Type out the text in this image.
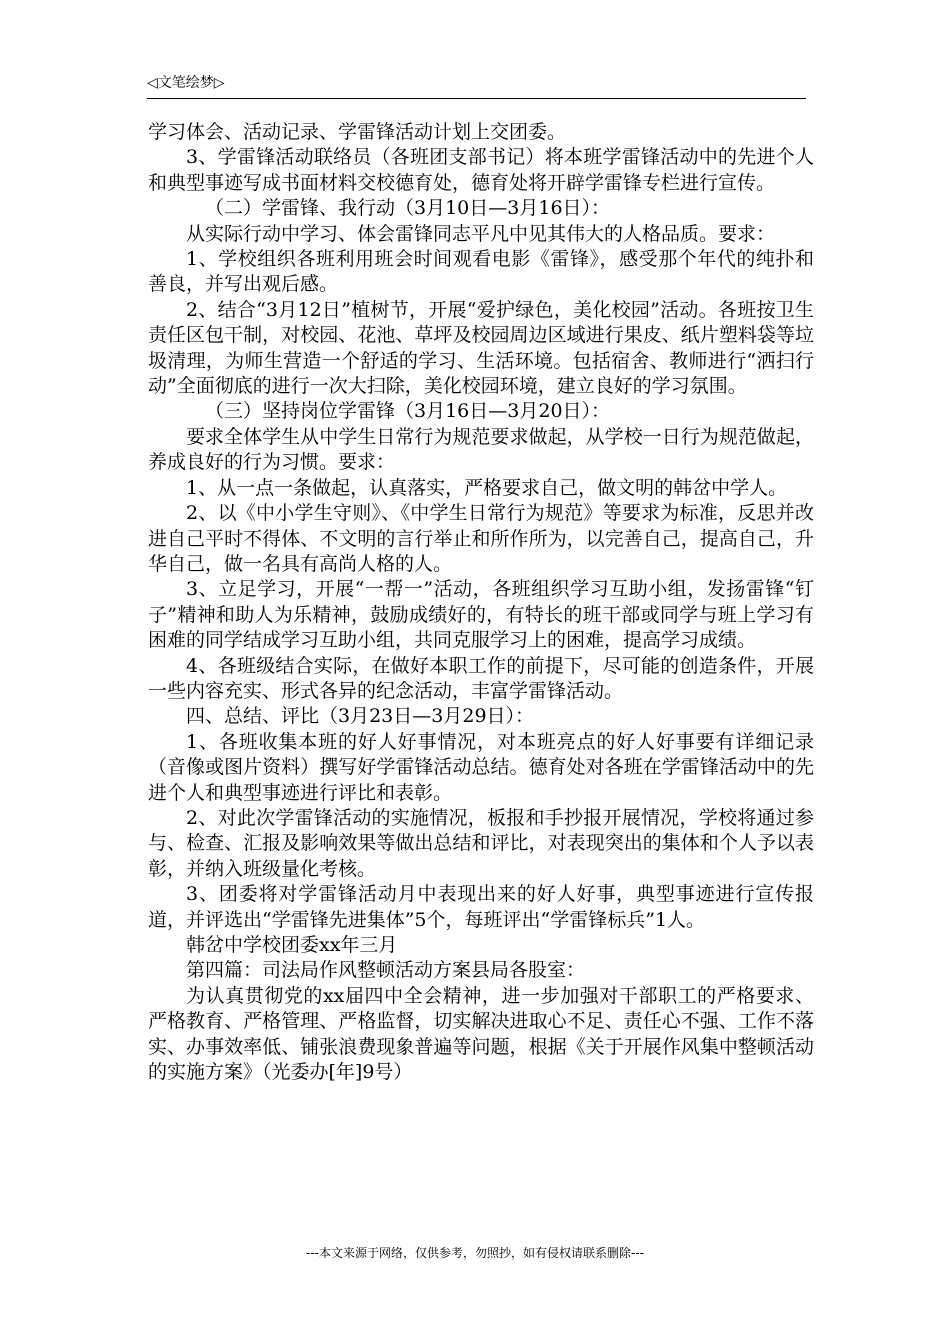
◁文笔绘梦▷

学习体会、活动记录、学雷锋活动计划上交团委。

3、学雷锋活动联络员（各班团支部书记）将本班学雷锋活动中的先进个人和典型事迹写成书面材料交校德育处，德育处将开辟学雷锋专栏进行宣传。

（二）学雷锋、我行动（3月10日—3月16日）：

从实际行动中学习、体会雷锋同志平凡中见其伟大的人格品质。要求：

1、学校组织各班利用班会时间观看电影《雷锋》，感受那个年代的纯扑和善良，并写出观后感。

2、结合“3月12日”植树节，开展“爱护绿色，美化校园”活动。各班按卫生责任区包干制，对校园、花池、草坪及校园周边区域进行果皮、纸片塑料袋等垃圾清理，为师生营造一个舒适的学习、生活环境。包括宿舍、教师进行“洒扫行动”全面彻底的进行一次大扫除，美化校园环境，建立良好的学习氛围。

（三）坚持岗位学雷锋（3月16日—3月20日）：

要求全体学生从中学生日常行为规范要求做起，从学校一日行为规范做起，养成良好的行为习惯。要求：

1、从一点一条做起，认真落实，严格要求自己，做文明的韩岔中学人。

2、以《中小学生守则》、《中学生日常行为规范》等要求为标准，反思并改进自己平时不得体、不文明的言行举止和所作所为，以完善自己，提高自己，升华自己，做一名具有高尚人格的人。

3、立足学习，开展“一帮一”活动，各班组织学习互助小组，发扬雷锋“钉子”精神和助人为乐精神，鼓励成绩好的，有特长的班干部或同学与班上学习有困难的同学结成学习互助小组，共同克服学习上的困难，提高学习成绩。

4、各班级结合实际，在做好本职工作的前提下，尽可能的创造条件，开展一些内容充实、形式各异的纪念活动，丰富学雷锋活动。

四、总结、评比（3月23日—3月29日）：

1、各班收集本班的好人好事情况，对本班亮点的好人好事要有详细记录（音像或图片资料）撰写好学雷锋活动总结。德育处对各班在学雷锋活动中的先进个人和典型事迹进行评比和表彰。

2、对此次学雷锋活动的实施情况，板报和手抄报开展情况，学校将通过参与、检查、汇报及影响效果等做出总结和评比，对表现突出的集体和个人予以表彰，并纳入班级量化考核。

3、团委将对学雷锋活动月中表现出来的好人好事，典型事迹进行宣传报道，并评选出“学雷锋先进集体”5个，每班评出“学雷锋标兵”1人。

韩岔中学校团委xx年三月

第四篇：司法局作风整顿活动方案县局各股室：

为认真贯彻党的xx届四中全会精神，进一步加强对干部职工的严格要求、严格教育、严格管理、严格监督，切实解决进取心不足、责任心不强、工作不落实、办事效率低、铺张浪费现象普遍等问题，根据《关于开展作风集中整顿活动的实施方案》（光委办[年]9号）

---本文来源于网络，仅供参考，勿照抄，如有侵权请联系删除---
